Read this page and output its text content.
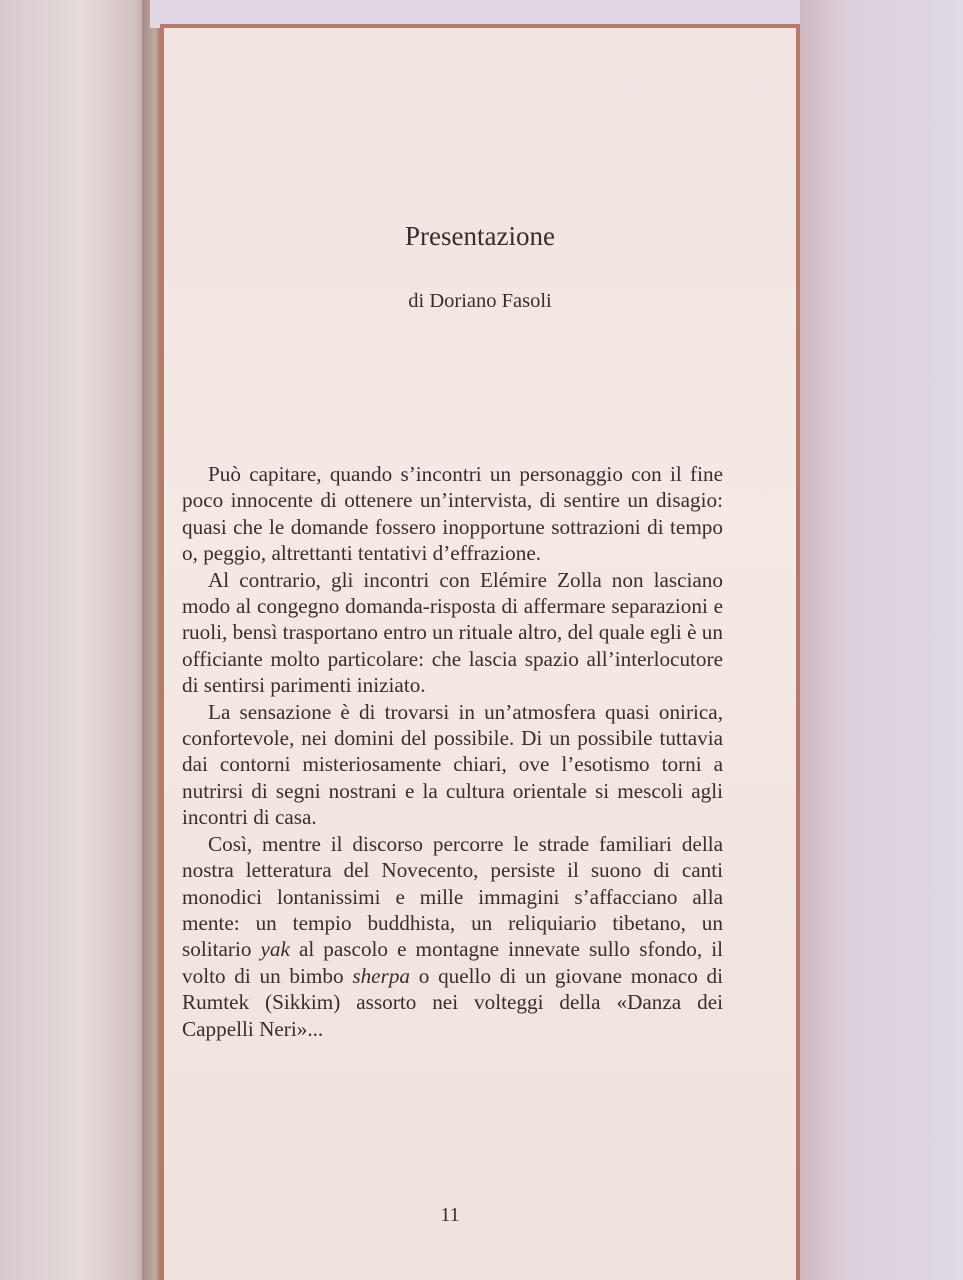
Presentazione
di Doriano Fasoli

Può capitare, quando s’incontri un personaggio con il fine poco innocente di ottenere un’intervista, di sentire un disagio: quasi che le domande fossero inopportune sottrazioni di tempo o, peggio, altrettanti tentativi d’effrazione.

Al contrario, gli incontri con Elémire Zolla non lasciano modo al congegno domanda-risposta di affermare separazioni e ruoli, bensì trasportano entro un rituale altro, del quale egli è un officiante molto particolare: che lascia spazio all’interlocutore di sentirsi parimenti iniziato.

La sensazione è di trovarsi in un’atmosfera quasi onirica, confortevole, nei domini del possibile. Di un possibile tuttavia dai contorni misteriosamente chiari, ove l’esotismo torni a nutrirsi di segni nostrani e la cultura orientale si mescoli agli incontri di casa.

Così, mentre il discorso percorre le strade familiari della nostra letteratura del Novecento, persiste il suono di canti monodici lontanissimi e mille immagini s’affacciano alla mente: un tempio buddhista, un reliquiario tibetano, un solitario yak al pascolo e montagne innevate sullo sfondo, il volto di un bimbo sherpa o quello di un giovane monaco di Rumtek (Sikkim) assorto nei volteggi della «Danza dei Cappelli Neri»...

11
